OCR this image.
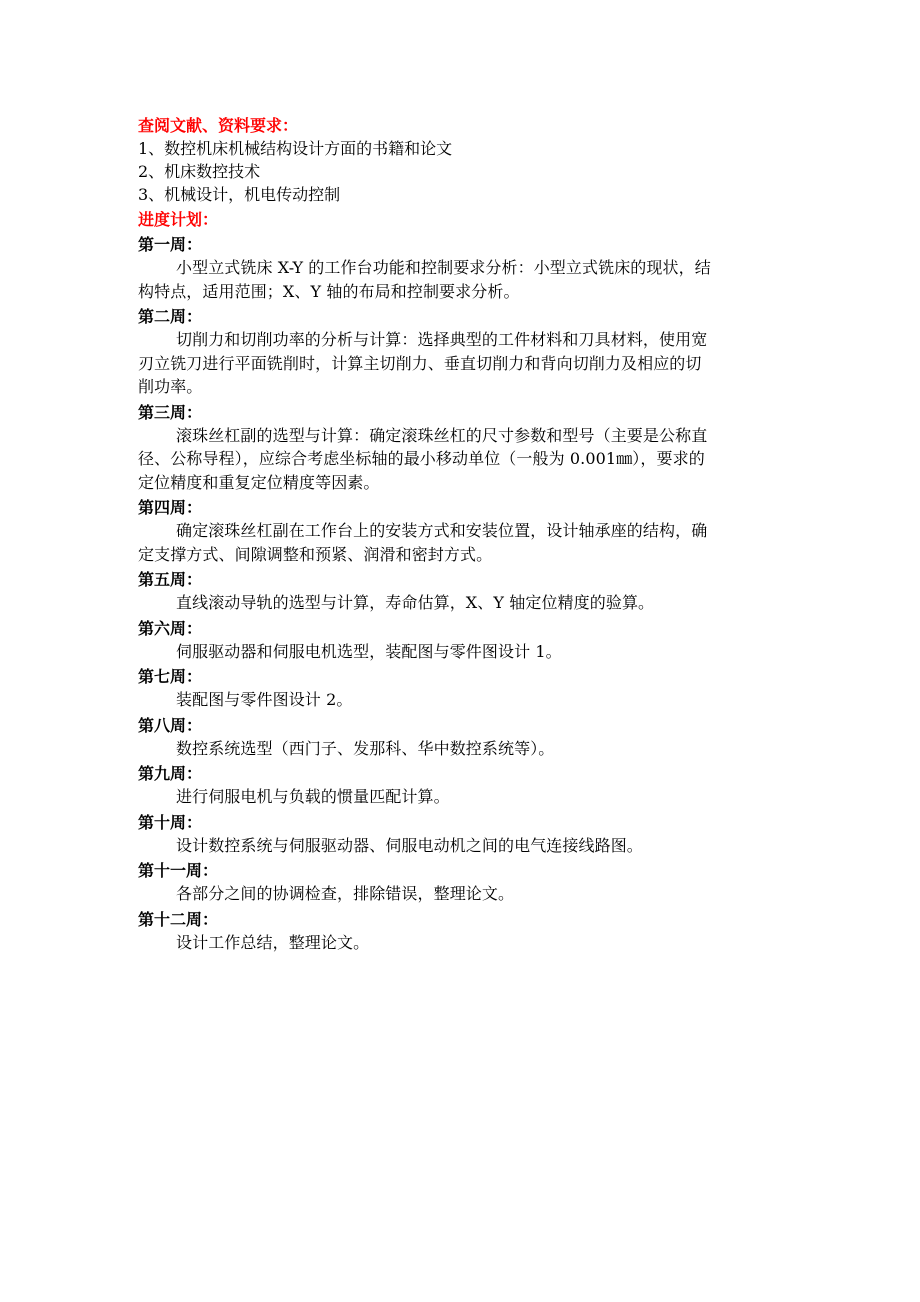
查阅文献、资料要求：
1、数控机床机械结构设计方面的书籍和论文
2、机床数控技术
3、机械设计，机电传动控制
进度计划：
第一周：
小型立式铣床 X-Y 的工作台功能和控制要求分析：小型立式铣床的现状，结
构特点，适用范围；X、Y 轴的布局和控制要求分析。
第二周：
切削力和切削功率的分析与计算：选择典型的工件材料和刀具材料，使用宽
刃立铣刀进行平面铣削时，计算主切削力、垂直切削力和背向切削力及相应的切
削功率。
第三周：
滚珠丝杠副的选型与计算：确定滚珠丝杠的尺寸参数和型号（主要是公称直
径、公称导程），应综合考虑坐标轴的最小移动单位（一般为 0.001㎜），要求的
定位精度和重复定位精度等因素。
第四周：
确定滚珠丝杠副在工作台上的安装方式和安装位置，设计轴承座的结构，确
定支撑方式、间隙调整和预紧、润滑和密封方式。
第五周：
直线滚动导轨的选型与计算，寿命估算，X、Y 轴定位精度的验算。
第六周：
伺服驱动器和伺服电机选型，装配图与零件图设计 1。
第七周：
装配图与零件图设计 2。
第八周：
数控系统选型（西门子、发那科、华中数控系统等）。
第九周：
进行伺服电机与负载的惯量匹配计算。
第十周：
设计数控系统与伺服驱动器、伺服电动机之间的电气连接线路图。
第十一周：
各部分之间的协调检查，排除错误，整理论文。
第十二周：
设计工作总结，整理论文。
